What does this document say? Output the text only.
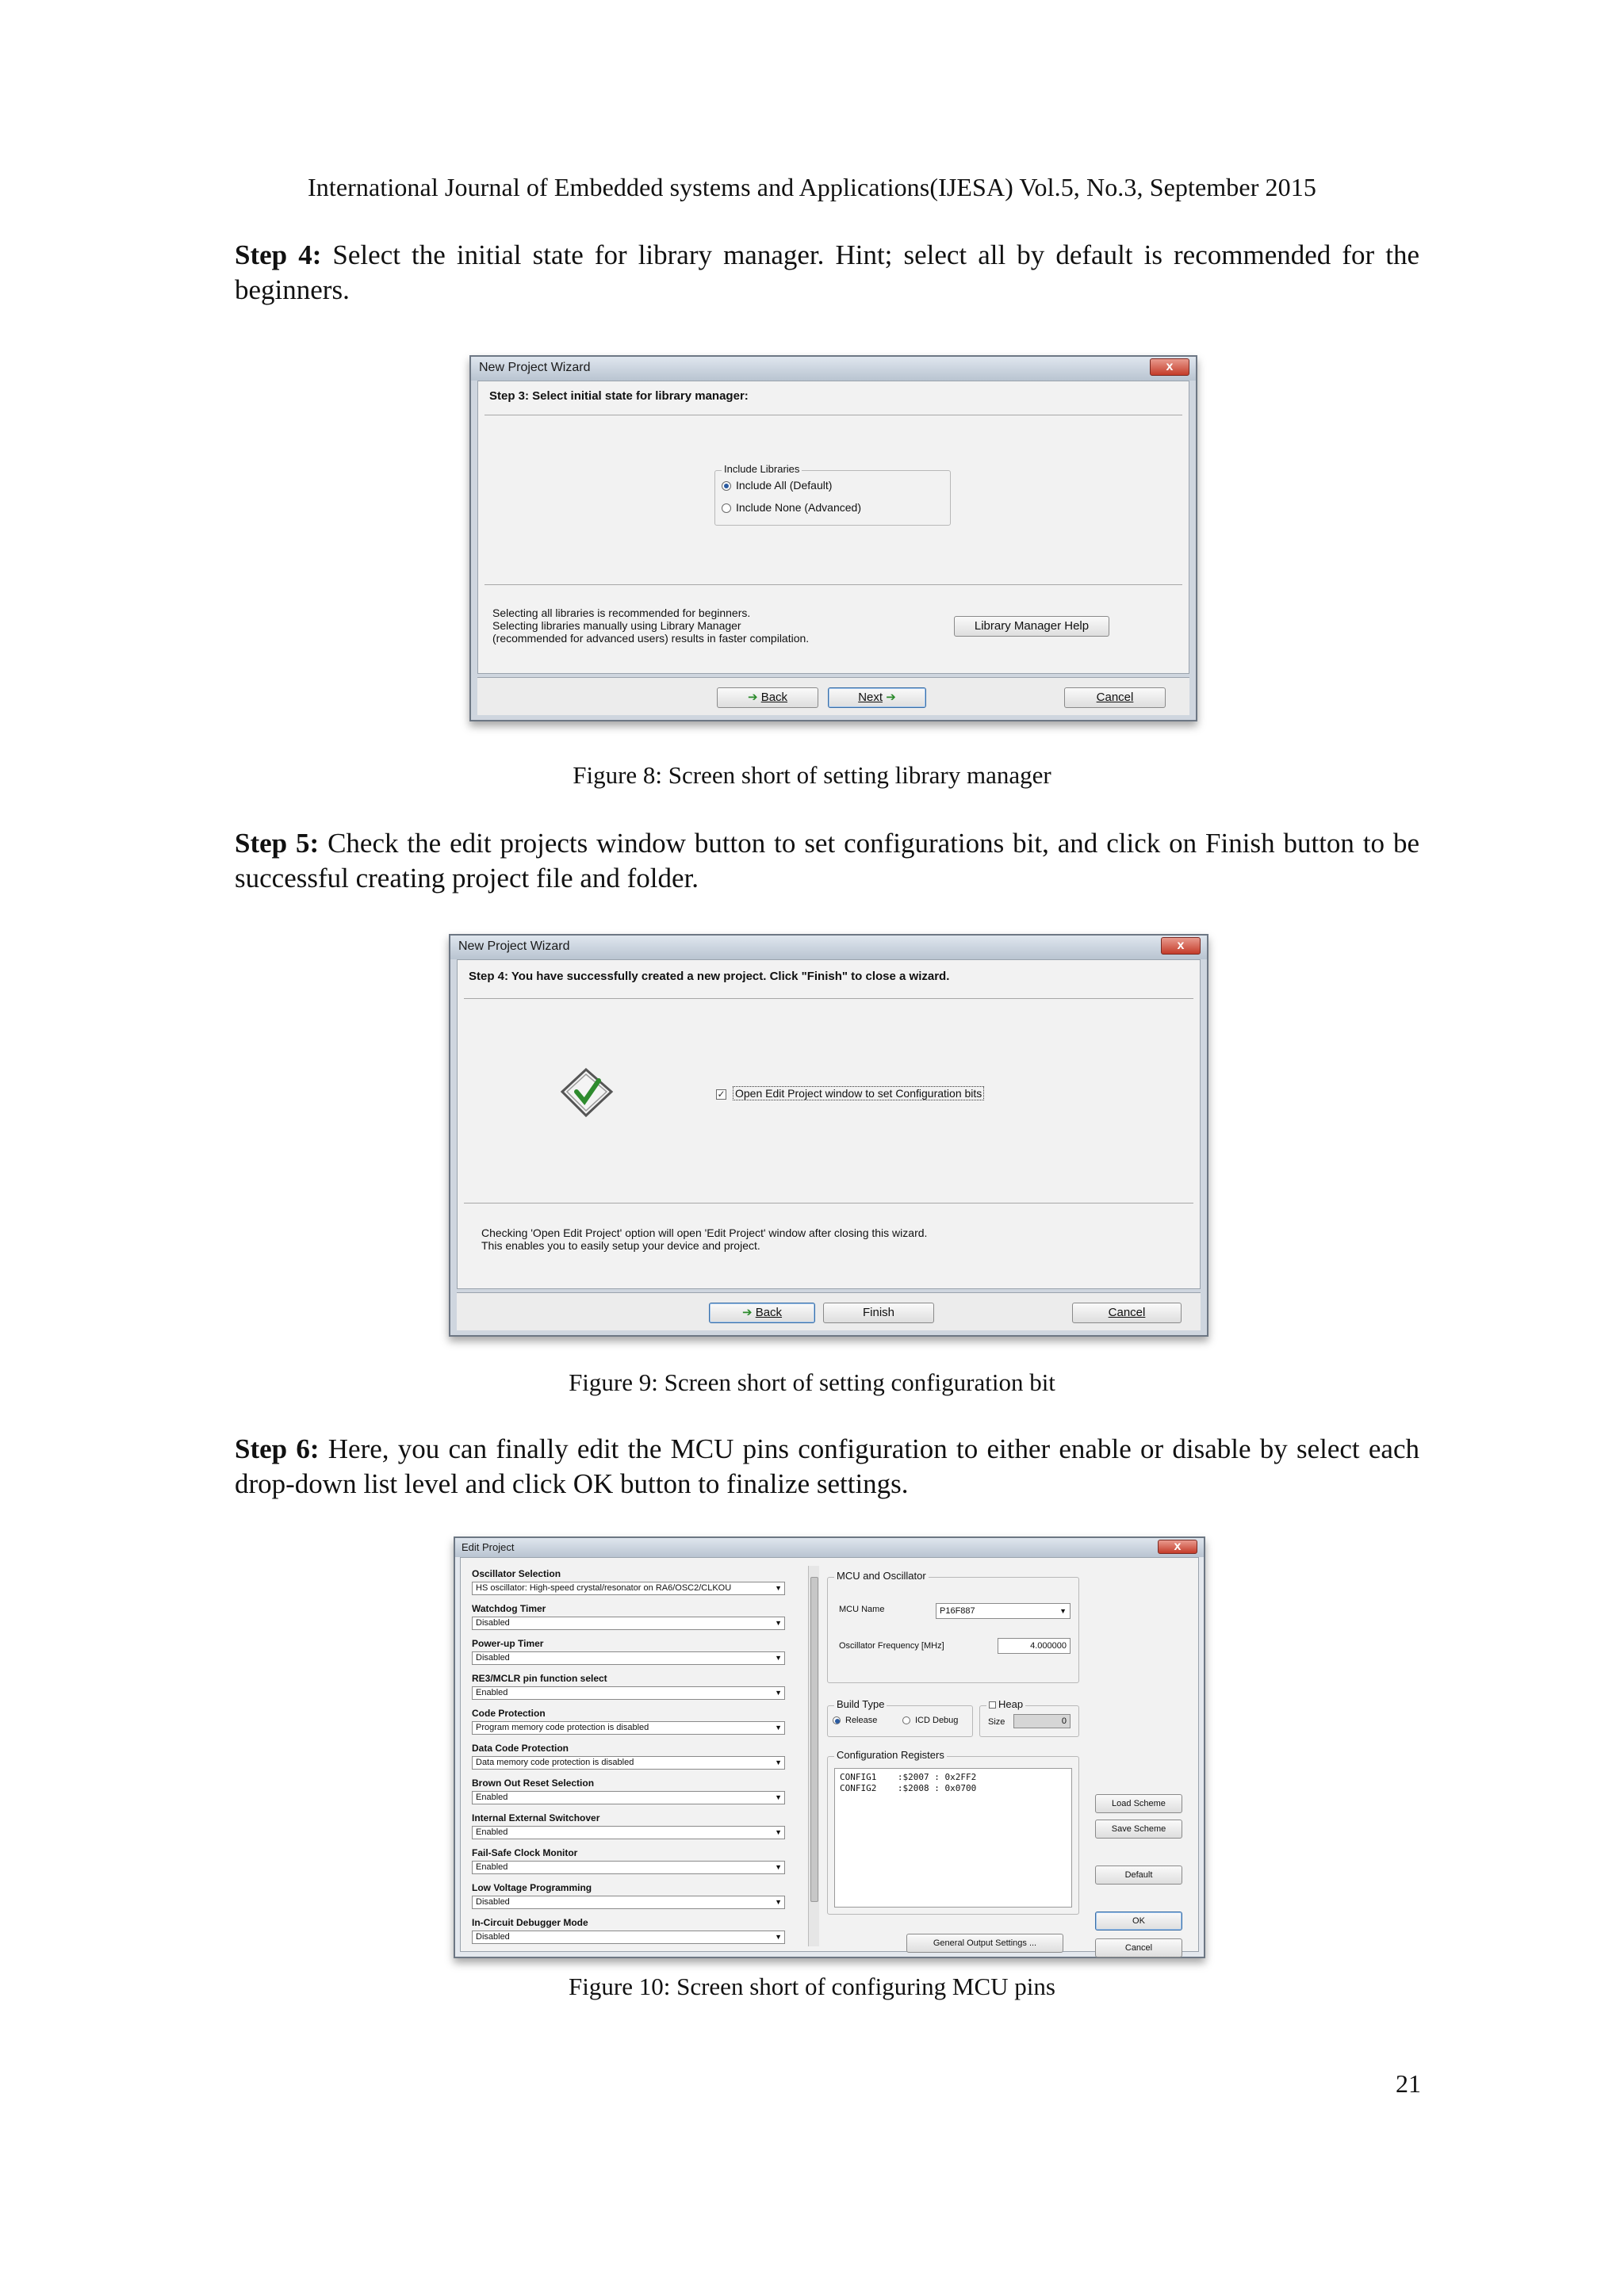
International Journal of Embedded systems and Applications(IJESA) Vol.5, No.3, September 2015
Step 4: Select the initial state for library manager. Hint; select all by default is recommended for the beginners.
New Project Wizard	x
Step 3: Select initial state for library manager:
Include Libraries
Include All (Default)
Include None (Advanced)
Selecting all libraries is recommended for beginners.
Selecting libraries manually using Library Manager
(recommended for advanced users) results in faster compilation.
Library Manager Help
➔ Back	Next ➔	Cancel
Figure 8: Screen short of setting library manager
Step 5: Check the edit projects window button to set configurations bit, and click on Finish button to be successful creating project file and folder.
New Project Wizard	x
Step 4: You have successfully created a new project. Click "Finish" to close a wizard.
✓ Open Edit Project window to set Configuration bits
Checking 'Open Edit Project' option will open 'Edit Project' window after closing this wizard.
This enables you to easily setup your device and project.
➔ Back	Finish	Cancel
Figure 9: Screen short of setting configuration bit
Step 6: Here, you can finally edit the MCU pins configuration to either enable or disable by select each drop-down list level and click OK button to finalize settings.
Edit Project	x
Oscillator Selection
HS oscillator: High-speed crystal/resonator on RA6/OSC2/CLKOU	▼
Watchdog Timer
Disabled	▼
Power-up Timer
Disabled	▼
RE3/MCLR pin function select
Enabled	▼
Code Protection
Program memory code protection is disabled	▼
Data Code Protection
Data memory code protection is disabled	▼
Brown Out Reset Selection
Enabled	▼
Internal External Switchover
Enabled	▼
Fail-Safe Clock Monitor
Enabled	▼
Low Voltage Programming
Disabled	▼
In-Circuit Debugger Mode
Disabled	▼
MCU and Oscillator
MCU Name	P16F887	▼
Oscillator Frequency [MHz]	4.000000
Build Type
Release	ICD Debug
Heap
Size	0
Configuration Registers
CONFIG1    :$2007 : 0x2FF2
CONFIG2    :$2008 : 0x0700
General Output Settings ...
Load Scheme
Save Scheme
Default
OK
Cancel
Figure 10: Screen short of configuring MCU pins
21
